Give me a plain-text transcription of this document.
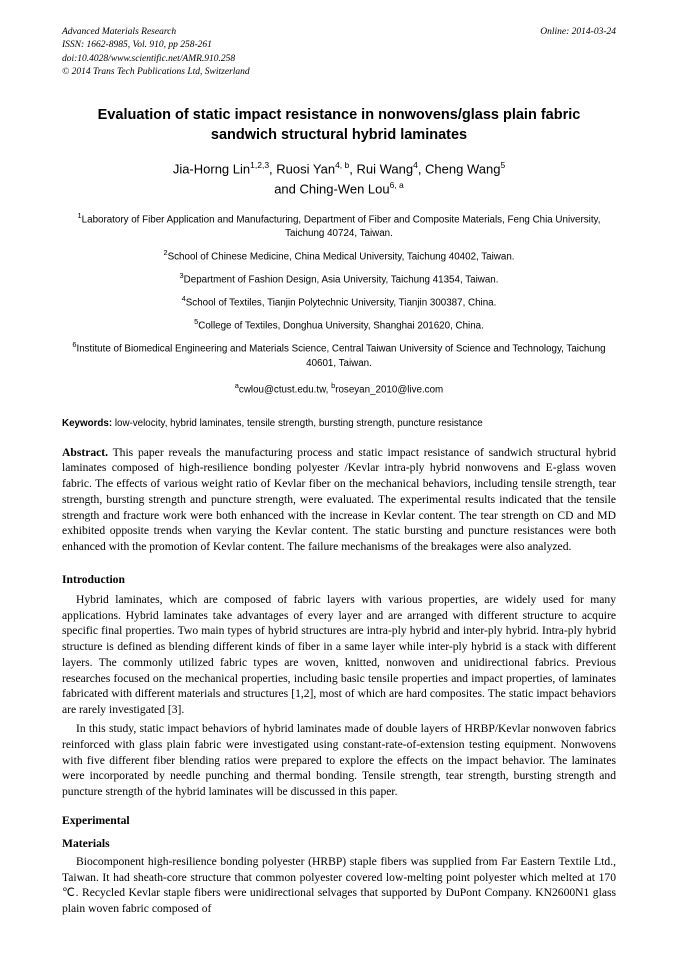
Advanced Materials Research
ISSN: 1662-8985, Vol. 910, pp 258-261
doi:10.4028/www.scientific.net/AMR.910.258
© 2014 Trans Tech Publications Ltd, Switzerland
Online: 2014-03-24
Evaluation of static impact resistance in nonwovens/glass plain fabric sandwich structural hybrid laminates
Jia-Horng Lin$^{1,2,3}$, Ruosi Yan$^{4, b}$, Rui Wang$^4$, Cheng Wang$^5$
and Ching-Wen Lou$^{6, a}$
$^1$Laboratory of Fiber Application and Manufacturing, Department of Fiber and Composite Materials, Feng Chia University, Taichung 40724, Taiwan.
$^2$School of Chinese Medicine, China Medical University, Taichung 40402, Taiwan.
$^3$Department of Fashion Design, Asia University, Taichung 41354, Taiwan.
$^4$School of Textiles, Tianjin Polytechnic University, Tianjin 300387, China.
$^5$College of Textiles, Donghua University, Shanghai 201620, China.
$^6$Institute of Biomedical Engineering and Materials Science, Central Taiwan University of Science and Technology, Taichung 40601, Taiwan.
$^a$cwlou@ctust.edu.tw, $^b$roseyan_2010@live.com
Keywords: low-velocity, hybrid laminates, tensile strength, bursting strength, puncture resistance
Abstract. This paper reveals the manufacturing process and static impact resistance of sandwich structural hybrid laminates composed of high-resilience bonding polyester /Kevlar intra-ply hybrid nonwovens and E-glass woven fabric. The effects of various weight ratio of Kevlar fiber on the mechanical behaviors, including tensile strength, tear strength, bursting strength and puncture strength, were evaluated. The experimental results indicated that the tensile strength and fracture work were both enhanced with the increase in Kevlar content. The tear strength on CD and MD exhibited opposite trends when varying the Kevlar content. The static bursting and puncture resistances were both enhanced with the promotion of Kevlar content. The failure mechanisms of the breakages were also analyzed.
Introduction

Hybrid laminates, which are composed of fabric layers with various properties, are widely used for many applications. Hybrid laminates take advantages of every layer and are arranged with different structure to acquire specific final properties. Two main types of hybrid structures are intra-ply hybrid and inter-ply hybrid. Intra-ply hybrid structure is defined as blending different kinds of fiber in a same layer while inter-ply hybrid is a stack with different layers. The commonly utilized fabric types are woven, knitted, nonwoven and unidirectional fabrics. Previous researches focused on the mechanical properties, including basic tensile properties and impact properties, of laminates fabricated with different materials and structures [1,2], most of which are hard composites. The static impact behaviors are rarely investigated [3].

In this study, static impact behaviors of hybrid laminates made of double layers of HRBP/Kevlar nonwoven fabrics reinforced with glass plain fabric were investigated using constant-rate-of-extension testing equipment. Nonwovens with five different fiber blending ratios were prepared to explore the effects on the impact behavior. The laminates were incorporated by needle punching and thermal bonding. Tensile strength, tear strength, bursting strength and puncture strength of the hybrid laminates will be discussed in this paper.

Experimental
Materials

Biocomponent high-resilience bonding polyester (HRBP) staple fibers was supplied from Far Eastern Textile Ltd., Taiwan. It had sheath-core structure that common polyester covered low-melting point polyester which melted at 170 ℃. Recycled Kevlar staple fibers were unidirectional selvages that supported by DuPont Company. KN2600N1 glass plain woven fabric composed of
